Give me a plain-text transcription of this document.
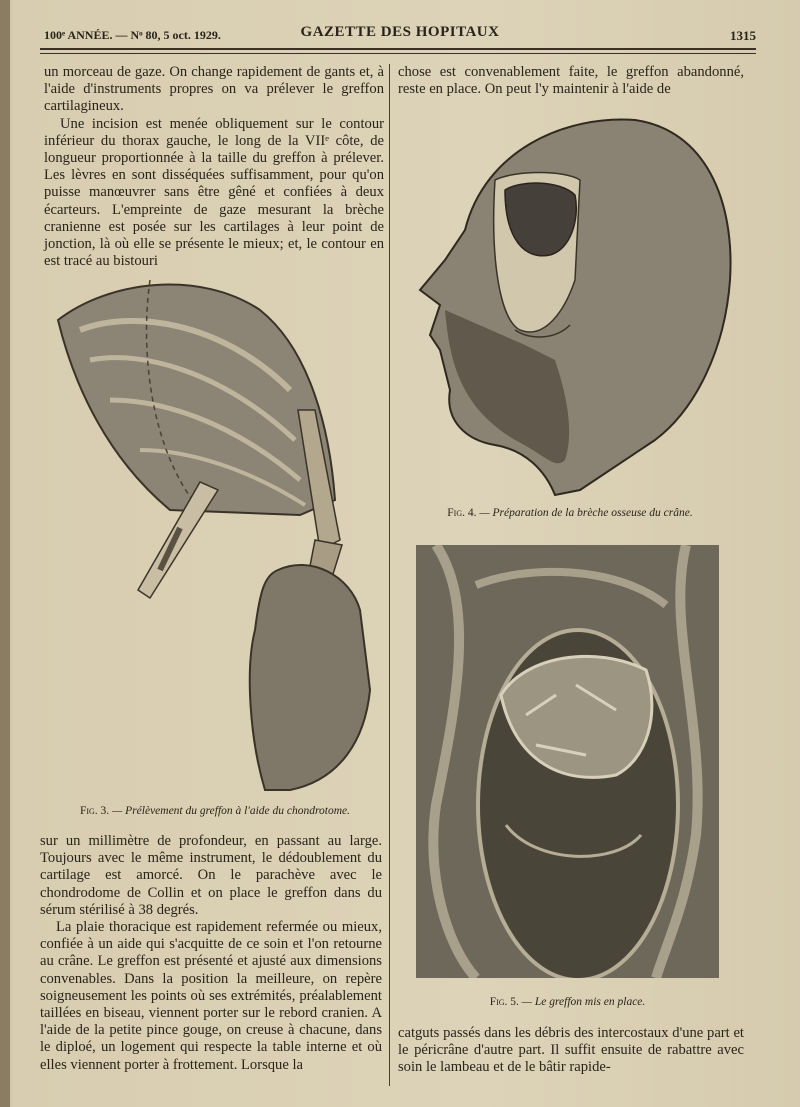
100ᵉ ANNÉE. — Nᵒ 80, 5 oct. 1929.	GAZETTE DES HOPITAUX	1315

un morceau de gaze. On change rapidement de gants et, à l'aide d'instruments propres on va prélever le greffon cartilagineux.

Une incision est menée obliquement sur le contour inférieur du thorax gauche, le long de la VIIᵉ côte, de longueur proportionnée à la taille du greffon à prélever. Les lèvres en sont disséquées suffisamment, pour qu'on puisse manœuvrer sans être gêné et confiées à deux écarteurs. L'empreinte de gaze mesurant la brèche cranienne est posée sur les cartilages à leur point de jonction, là où elle se présente le mieux; et, le contour en est tracé au bistouri

Fig. 3. — Prélèvement du greffon à l'aide du chondrotome.

sur un millimètre de profondeur, en passant au large. Toujours avec le même instrument, le dédoublement du cartilage est amorcé. On le parachève avec le chondrodome de Collin et on place le greffon dans du sérum stérilisé à 38 degrés.

La plaie thoracique est rapidement refermée ou mieux, confiée à un aide qui s'acquitte de ce soin et l'on retourne au crâne. Le greffon est présenté et ajusté aux dimensions convenables. Dans la position la meilleure, on repère soigneusement les points où ses extrémités, préalablement taillées en biseau, viennent porter sur le rebord cranien. A l'aide de la petite pince gouge, on creuse à chacune, dans le diploé, un logement qui respecte la table interne et où elles viennent porter à frottement. Lorsque la

chose est convenablement faite, le greffon abandonné, reste en place. On peut l'y maintenir à l'aide de

Fig. 4. — Préparation de la brèche osseuse du crâne.
Fig. 5. — Le greffon mis en place.

catguts passés dans les débris des intercostaux d'une part et le péricrâne d'autre part. Il suffit ensuite de rabattre avec soin le lambeau et de le bâtir rapide-
